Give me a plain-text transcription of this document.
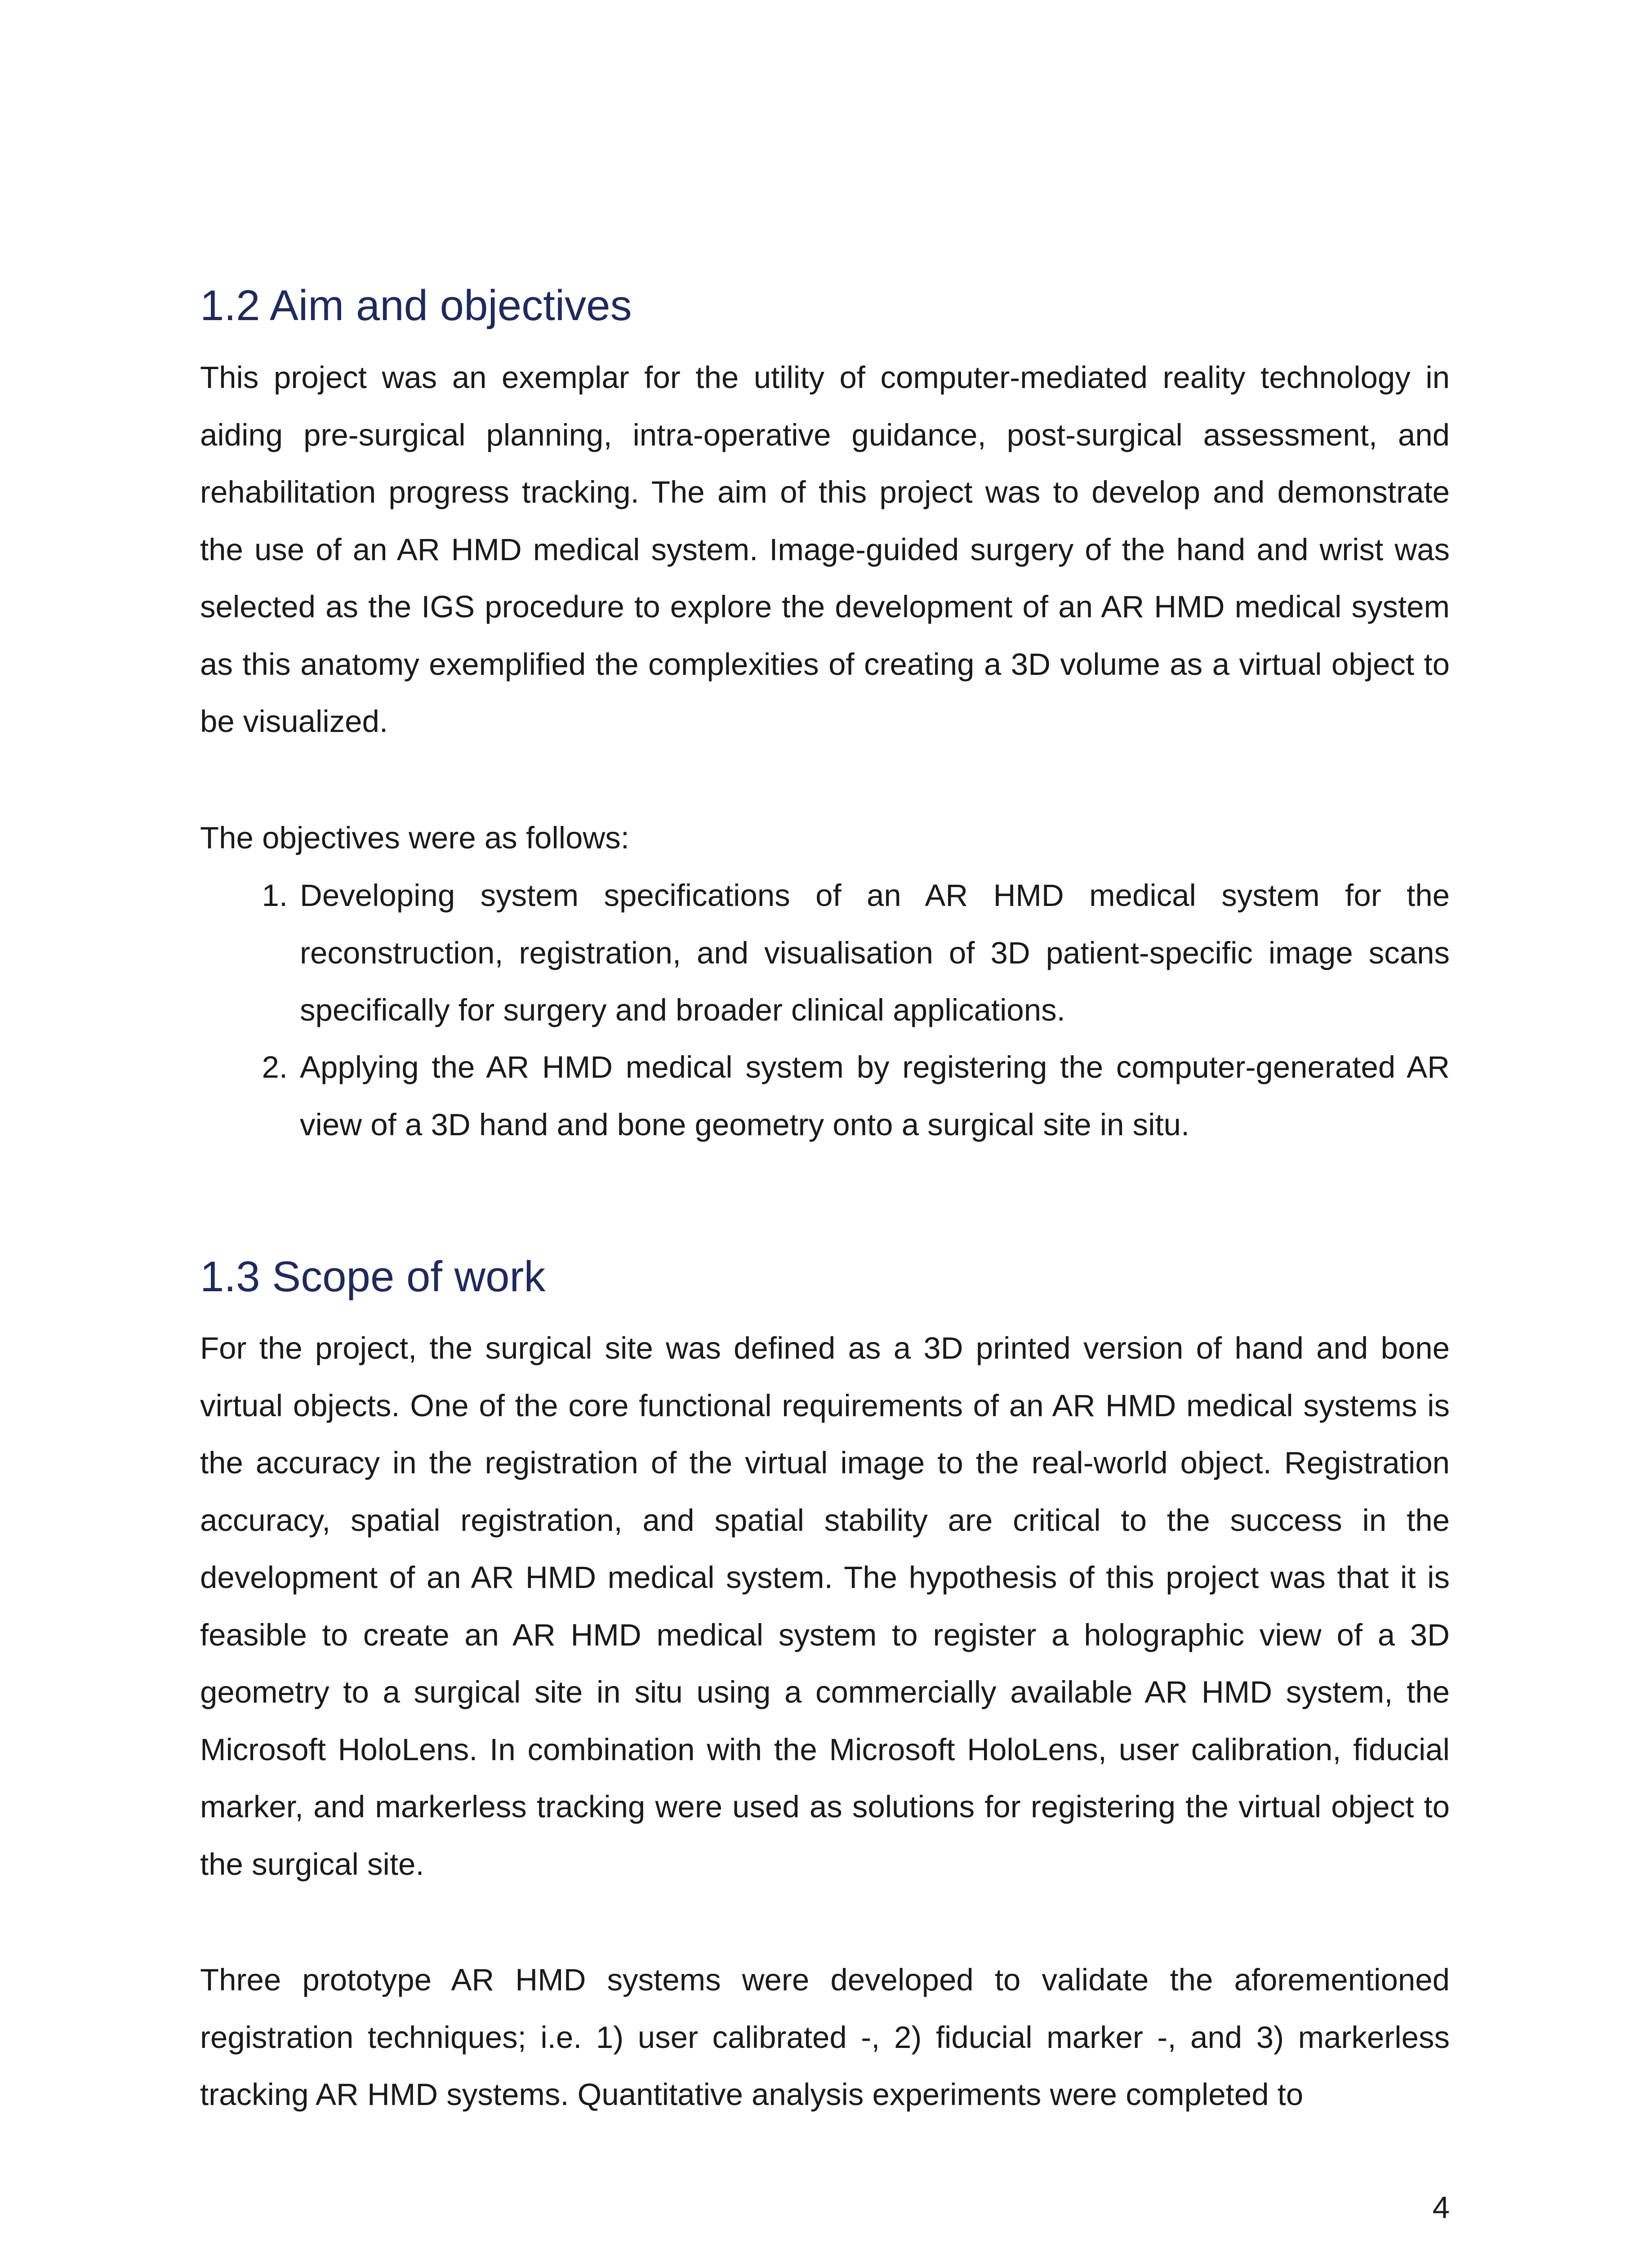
1.2 Aim and objectives

This project was an exemplar for the utility of computer-mediated reality technology in aiding pre-surgical planning, intra-operative guidance, post-surgical assessment, and rehabilitation progress tracking. The aim of this project was to develop and demonstrate the use of an AR HMD medical system. Image-guided surgery of the hand and wrist was selected as the IGS procedure to explore the development of an AR HMD medical system as this anatomy exemplified the complexities of creating a 3D volume as a virtual object to be visualized.

The objectives were as follows:

1. Developing system specifications of an AR HMD medical system for the reconstruction, registration, and visualisation of 3D patient-specific image scans specifically for surgery and broader clinical applications.

2. Applying the AR HMD medical system by registering the computer-generated AR view of a 3D hand and bone geometry onto a surgical site in situ.

1.3 Scope of work

For the project, the surgical site was defined as a 3D printed version of hand and bone virtual objects. One of the core functional requirements of an AR HMD medical systems is the accuracy in the registration of the virtual image to the real-world object. Registration accuracy, spatial registration, and spatial stability are critical to the success in the development of an AR HMD medical system. The hypothesis of this project was that it is feasible to create an AR HMD medical system to register a holographic view of a 3D geometry to a surgical site in situ using a commercially available AR HMD system, the Microsoft HoloLens. In combination with the Microsoft HoloLens, user calibration, fiducial marker, and markerless tracking were used as solutions for registering the virtual object to the surgical site.

Three prototype AR HMD systems were developed to validate the aforementioned registration techniques; i.e. 1) user calibrated -, 2) fiducial marker -, and 3) markerless tracking AR HMD systems. Quantitative analysis experiments were completed to

4
